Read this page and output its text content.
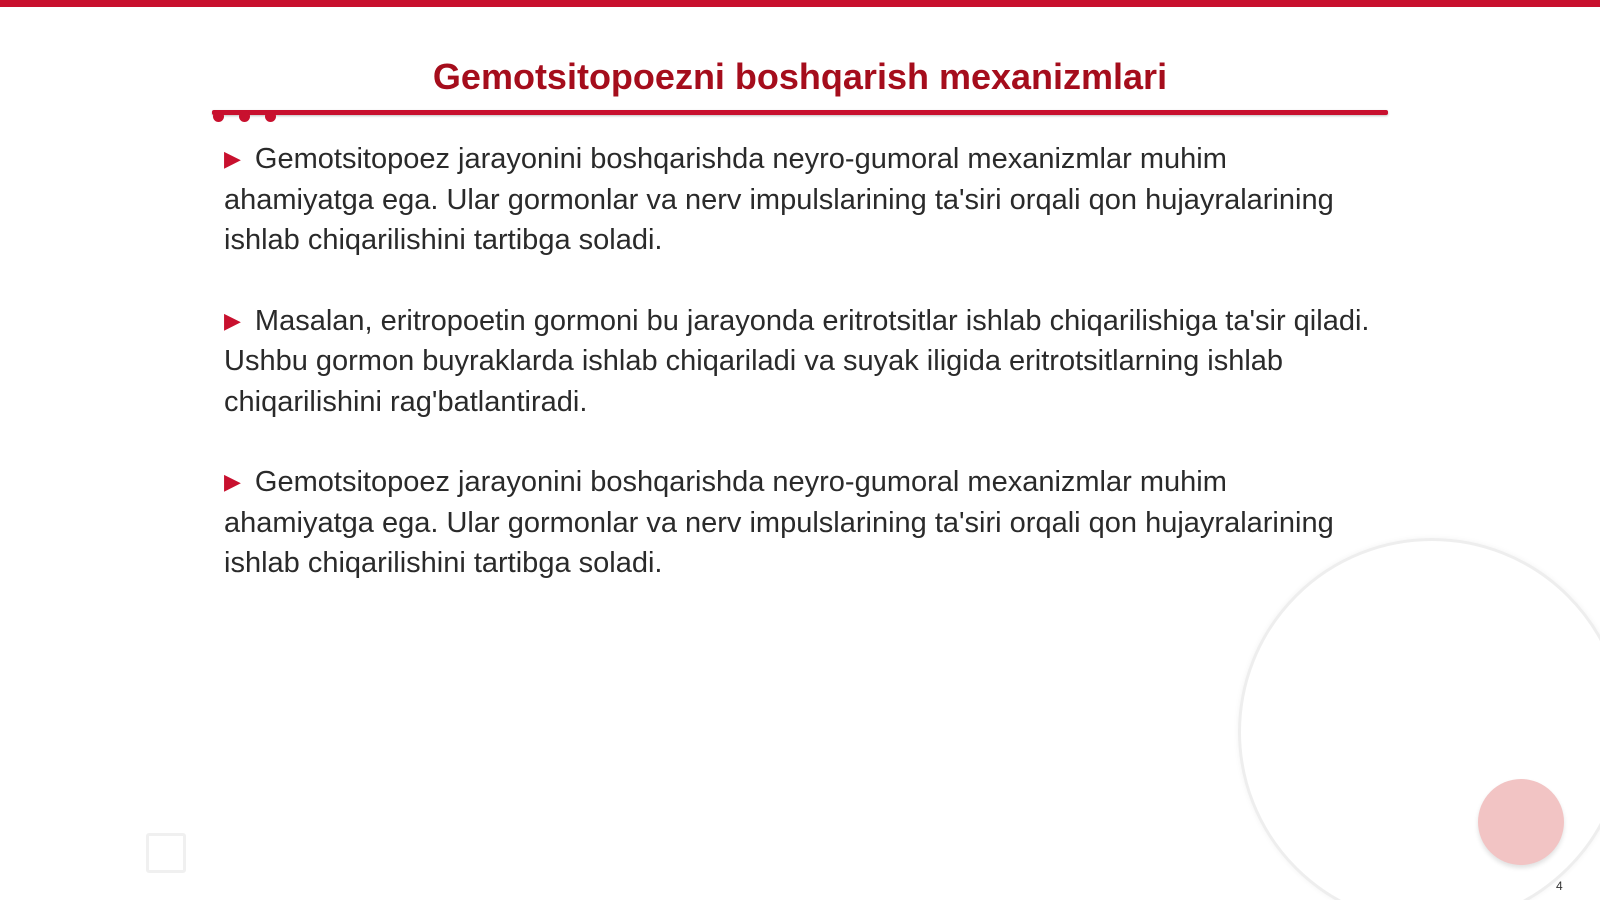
Gemotsitopoezni boshqarish mexanizmlari
▶ Gemotsitopoez jarayonini boshqarishda neyro-gumoral mexanizmlar muhim ahamiyatga ega. Ular gormonlar va nerv impulslarining ta'siri orqali qon hujayralarining ishlab chiqarilishini tartibga soladi.
▶ Masalan, eritropoetin gormoni bu jarayonda eritrotsitlar ishlab chiqarilishiga ta'sir qiladi. Ushbu gormon buyraklarda ishlab chiqariladi va suyak iligida eritrotsitlarning ishlab chiqarilishini rag'batlantiradi.
▶ Gemotsitopoez jarayonini boshqarishda neyro-gumoral mexanizmlar muhim ahamiyatga ega. Ular gormonlar va nerv impulslarining ta'siri orqali qon hujayralarining ishlab chiqarilishini tartibga soladi.
4
